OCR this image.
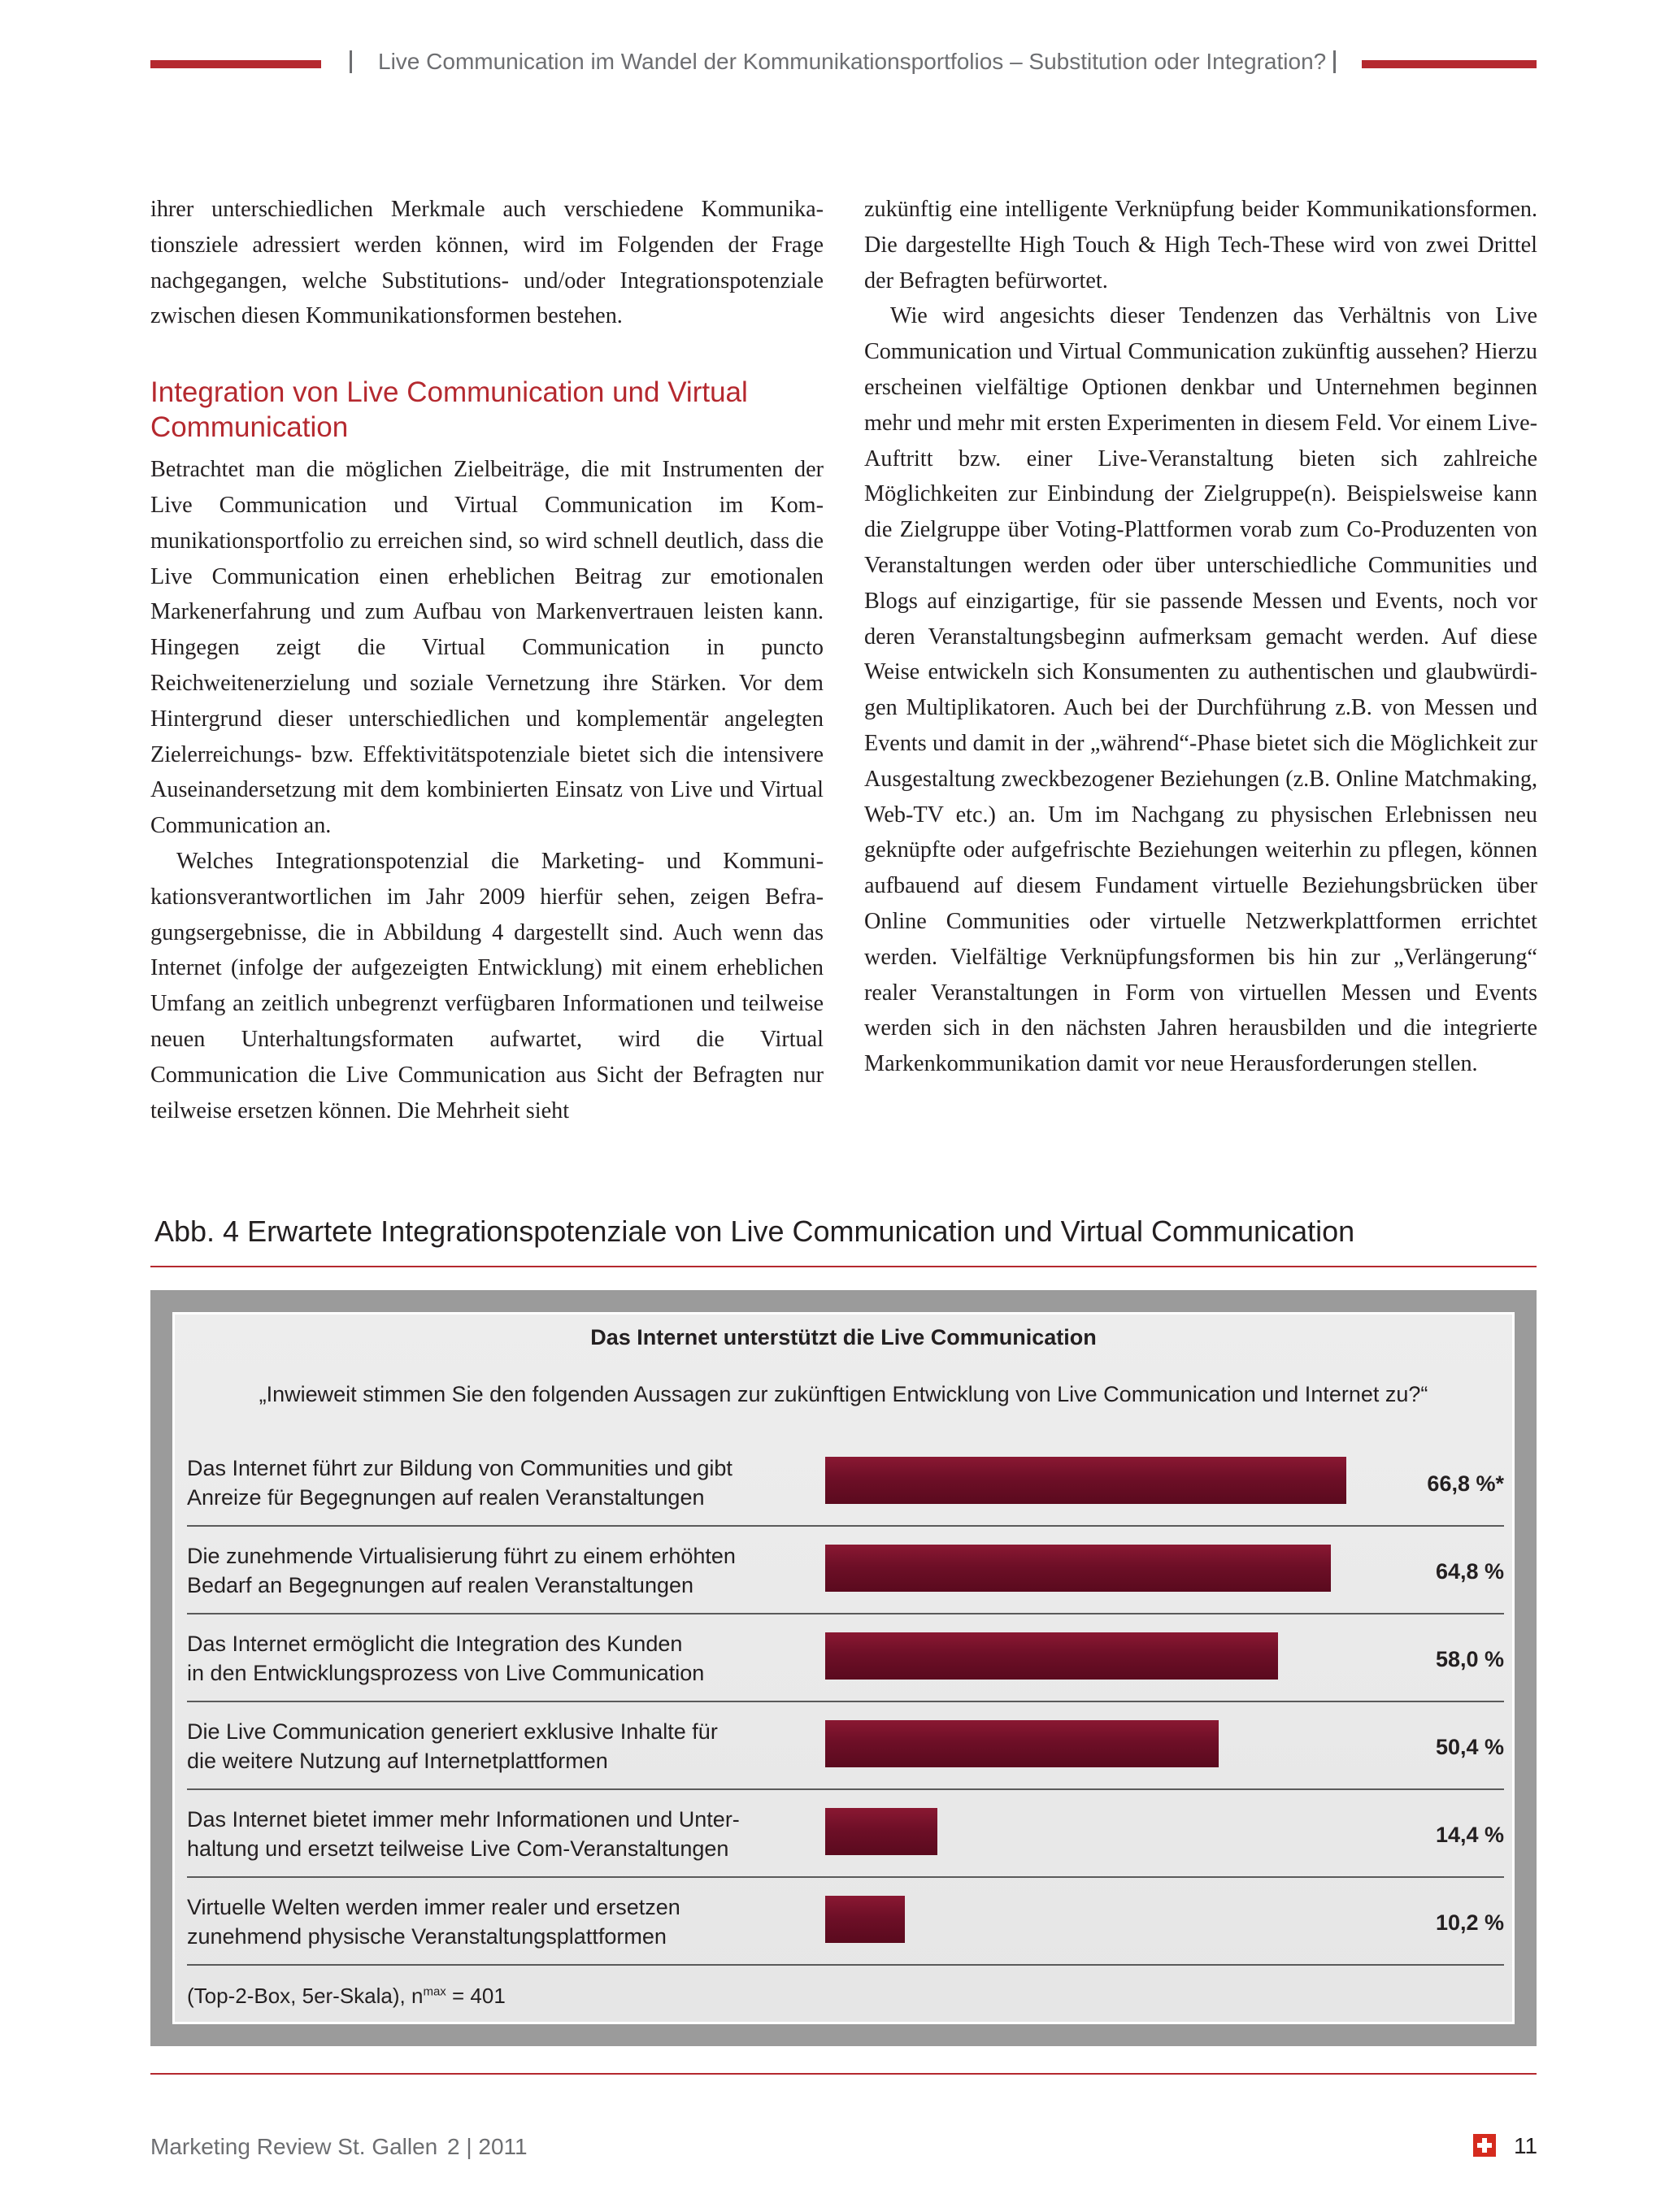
Live Communication im Wandel der Kommunikationsportfolios – Substitution oder Integration?

ihrer unterschiedlichen Merkmale auch verschiedene Kommunikationsziele adressiert werden können, wird im Folgenden der Frage nachgegangen, welche Substitutions- und/oder Integrationspotenziale zwischen diesen Kommunikationsformen bestehen.

Integration von Live Communication und Virtual Communication

Betrachtet man die möglichen Zielbeiträge, die mit Instrumenten der Live Communication und Virtual Communication im Kommunikationsportfolio zu erreichen sind, so wird schnell deutlich, dass die Live Communication einen erheblichen Beitrag zur emotionalen Markenerfahrung und zum Aufbau von Markenvertrauen leisten kann. Hingegen zeigt die Virtual Communication in puncto Reichweitenerzielung und soziale Vernetzung ihre Stärken. Vor dem Hintergrund dieser unterschiedlichen und komplementär angelegten Zielerreichungs- bzw. Effektivitätspotenziale bietet sich die intensivere Auseinandersetzung mit dem kombinierten Einsatz von Live und Virtual Communication an.

Welches Integrationspotenzial die Marketing- und Kommunikationsverantwortlichen im Jahr 2009 hierfür sehen, zeigen Befragungsergebnisse, die in Abbildung 4 dargestellt sind. Auch wenn das Internet (infolge der aufgezeigten Entwicklung) mit einem erheblichen Umfang an zeitlich unbegrenzt verfügbaren Informationen und teilweise neuen Unterhaltungsformaten aufwartet, wird die Virtual Communication die Live Communication aus Sicht der Befragten nur teilweise ersetzen können. Die Mehrheit sieht

zukünftig eine intelligente Verknüpfung beider Kommunikationsformen. Die dargestellte High Touch & High Tech-These wird von zwei Drittel der Befragten befürwortet.

Wie wird angesichts dieser Tendenzen das Verhältnis von Live Communication und Virtual Communication zukünftig aussehen? Hierzu erscheinen vielfältige Optionen denkbar und Unternehmen beginnen mehr und mehr mit ersten Experimenten in diesem Feld. Vor einem Live-Auftritt bzw. einer Live-Veranstaltung bieten sich zahlreiche Möglichkeiten zur Einbindung der Zielgruppe(n). Beispielsweise kann die Zielgruppe über Voting-Plattformen vorab zum Co-Produzenten von Veranstaltungen werden oder über unterschiedliche Communities und Blogs auf einzigartige, für sie passende Messen und Events, noch vor deren Veranstaltungsbeginn aufmerksam gemacht werden. Auf diese Weise entwickeln sich Konsumenten zu authentischen und glaubwürdigen Multiplikatoren. Auch bei der Durchführung z.B. von Messen und Events und damit in der „während“-Phase bietet sich die Möglichkeit zur Ausgestaltung zweckbezogener Beziehungen (z.B. Online Matchmaking, Web-TV etc.) an. Um im Nachgang zu physischen Erlebnissen neu geknüpfte oder aufgefrischte Beziehungen weiterhin zu pflegen, können aufbauend auf diesem Fundament virtuelle Beziehungsbrücken über Online Communities oder virtuelle Netzwerkplattformen errichtet werden. Vielfältige Verknüpfungsformen bis hin zur „Verlängerung“ realer Veranstaltungen in Form von virtuellen Messen und Events werden sich in den nächsten Jahren herausbilden und die integrierte Markenkommunikation damit vor neue Herausforderungen stellen.

Abb. 4 Erwartete Integrationspotenziale von Live Communication und Virtual Communication
Das Internet unterstützt die Live Communication
„Inwieweit stimmen Sie den folgenden Aussagen zur zukünftigen Entwicklung von Live Communication und Internet zu?“
Das Internet führt zur Bildung von Communities und gibt
Anreize für Begegnungen auf realen Veranstaltungen
66,8 %*
Die zunehmende Virtualisierung führt zu einem erhöhten
Bedarf an Begegnungen auf realen Veranstaltungen
64,8 %
Das Internet ermöglicht die Integration des Kunden
in den Entwicklungsprozess von Live Communication
58,0 %
Die Live Communication generiert exklusive Inhalte für
die weitere Nutzung auf Internetplattformen
50,4 %
Das Internet bietet immer mehr Informationen und Unter-
haltung und ersetzt teilweise Live Com-Veranstaltungen
14,4 %
Virtuelle Welten werden immer realer und ersetzen
zunehmend physische Veranstaltungsplattformen
10,2 %
(Top-2-Box, 5er-Skala), $n^{max} = 401$
Marketing Review St. Gallen 2 | 2011	11
